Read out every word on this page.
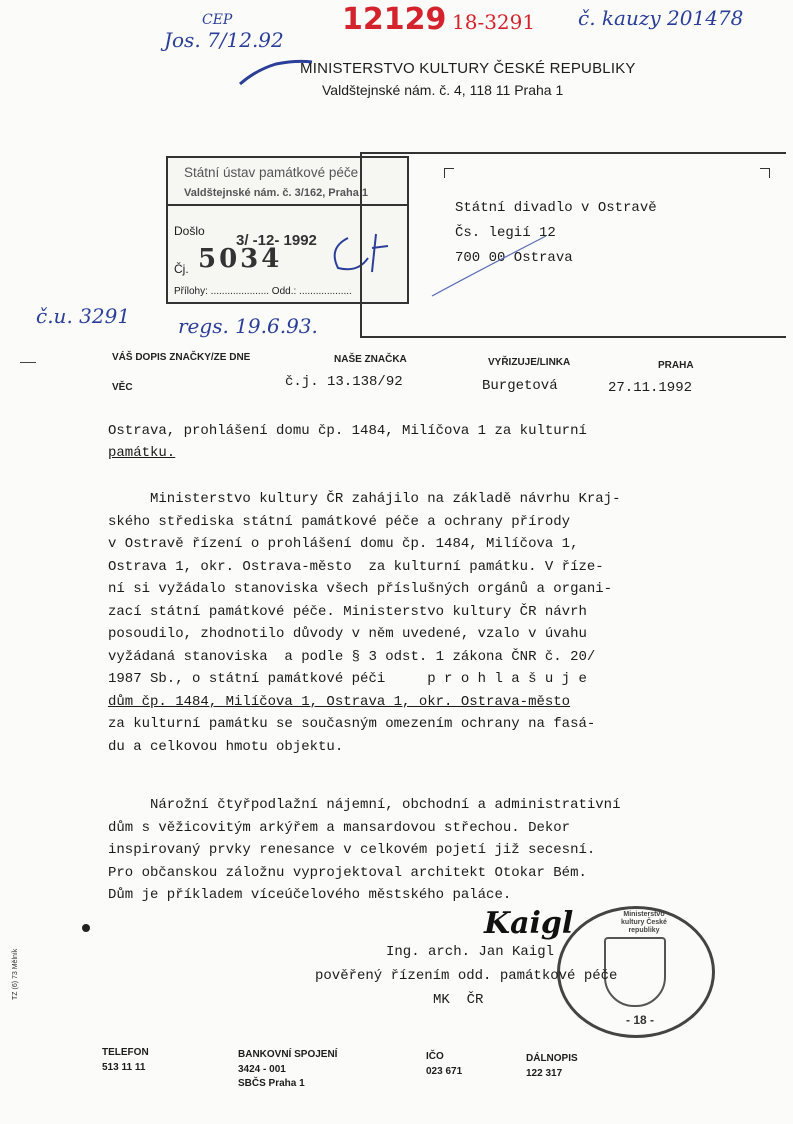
CEP
Jos. 7/12.92
12129 18-3291 č. kauzy 201478
MINISTERSTVO KULTURY ČESKÉ REPUBLIKY
Valdštejnské nám. č. 4, 118 11 Praha 1
Státní ústav památkové péče
Valdštejnské nám. č. 3/162, Praha 1
Došlo
3/ -12- 1992
Čj. 5034
Přílohy: ..................... Odd.: ...................
Státní divadlo v Ostravě
Čs. legií 12
700 00 Ostrava
č.u. 3291 regs. 19.6.93.
VÁŠ DOPIS ZNAČKY/ZE DNE	NAŠE ZNAČKA	VYŘIZUJE/LINKA	PRAHA
VĚC	č.j. 13.138/92	Burgetová	27.11.1992
Ostrava, prohlášení domu čp. 1484, Milíčova 1 za kulturní
památku.
Ministerstvo kultury ČR zahájilo na základě návrhu Kraj-
ského střediska státní památkové péče a ochrany přírody
v Ostravě řízení o prohlášení domu čp. 1484, Milíčova 1,
Ostrava 1, okr. Ostrava-město  za kulturní památku. V říze-
ní si vyžádalo stanoviska všech příslušných orgánů a organi-
zací státní památkové péče. Ministerstvo kultury ČR návrh
posoudilo, zhodnotilo důvody v něm uvedené, vzalo v úvahu
vyžádaná stanoviska  a podle § 3 odst. 1 zákona ČNR č. 20/
1987 Sb., o státní památkové péči     p r o h l a š u j e
dům čp. 1484, Milíčova 1, Ostrava 1, okr. Ostrava-město
za kulturní památku se současným omezením ochrany na fasá-
du a celkovou hmotu objektu.
Nárožní čtyřpodlažní nájemní, obchodní a administrativní
dům s věžicovitým arkýřem a mansardovou střechou. Dekor
inspirovaný prvky renesance v celkovém pojetí již secesní.
Pro občanskou záložnu vyprojektoval architekt Otokar Bém.
Dům je příkladem víceúčelového městského paláce.
Kaigl	Ministerstvo kultury České republiky
- 18 -
Ing. arch. Jan Kaigl
pověřený řízením odd. památkové péče
MK  ČR
TZ (6) 73 Mělník
TELEFON
513 11 11
BANKOVNÍ SPOJENÍ
3424 - 001
SBČS Praha 1
IČO
023 671
DÁLNOPIS
122 317
